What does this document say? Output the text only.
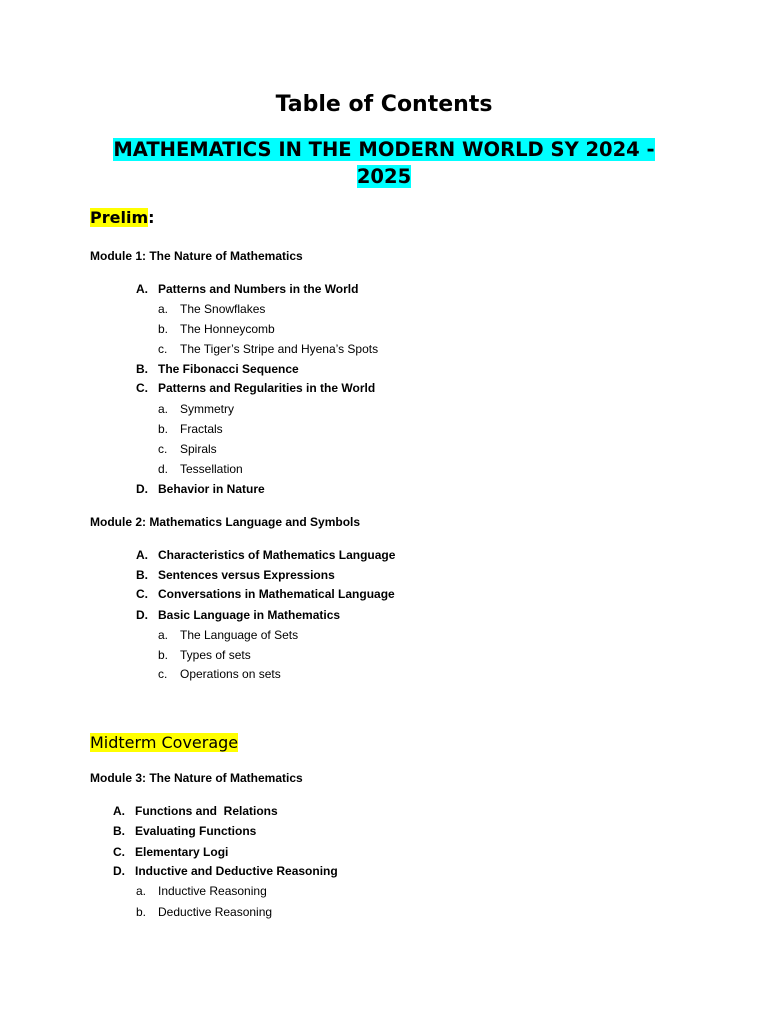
Table of Contents
MATHEMATICS IN THE MODERN WORLD SY 2024 - 2025
Prelim:
Module 1: The Nature of Mathematics
A. Patterns and Numbers in the World
a. The Snowflakes
b. The Honneycomb
c. The Tiger’s Stripe and Hyena’s Spots
B. The Fibonacci Sequence
C. Patterns and Regularities in the World
a. Symmetry
b. Fractals
c. Spirals
d. Tessellation
D. Behavior in Nature
Module 2: Mathematics Language and Symbols
A. Characteristics of Mathematics Language
B. Sentences versus Expressions
C. Conversations in Mathematical Language
D. Basic Language in Mathematics
a. The Language of Sets
b. Types of sets
c. Operations on sets
Midterm Coverage
Module 3: The Nature of Mathematics
A. Functions and  Relations
B. Evaluating Functions
C. Elementary Logi
D. Inductive and Deductive Reasoning
a. Inductive Reasoning
b. Deductive Reasoning
